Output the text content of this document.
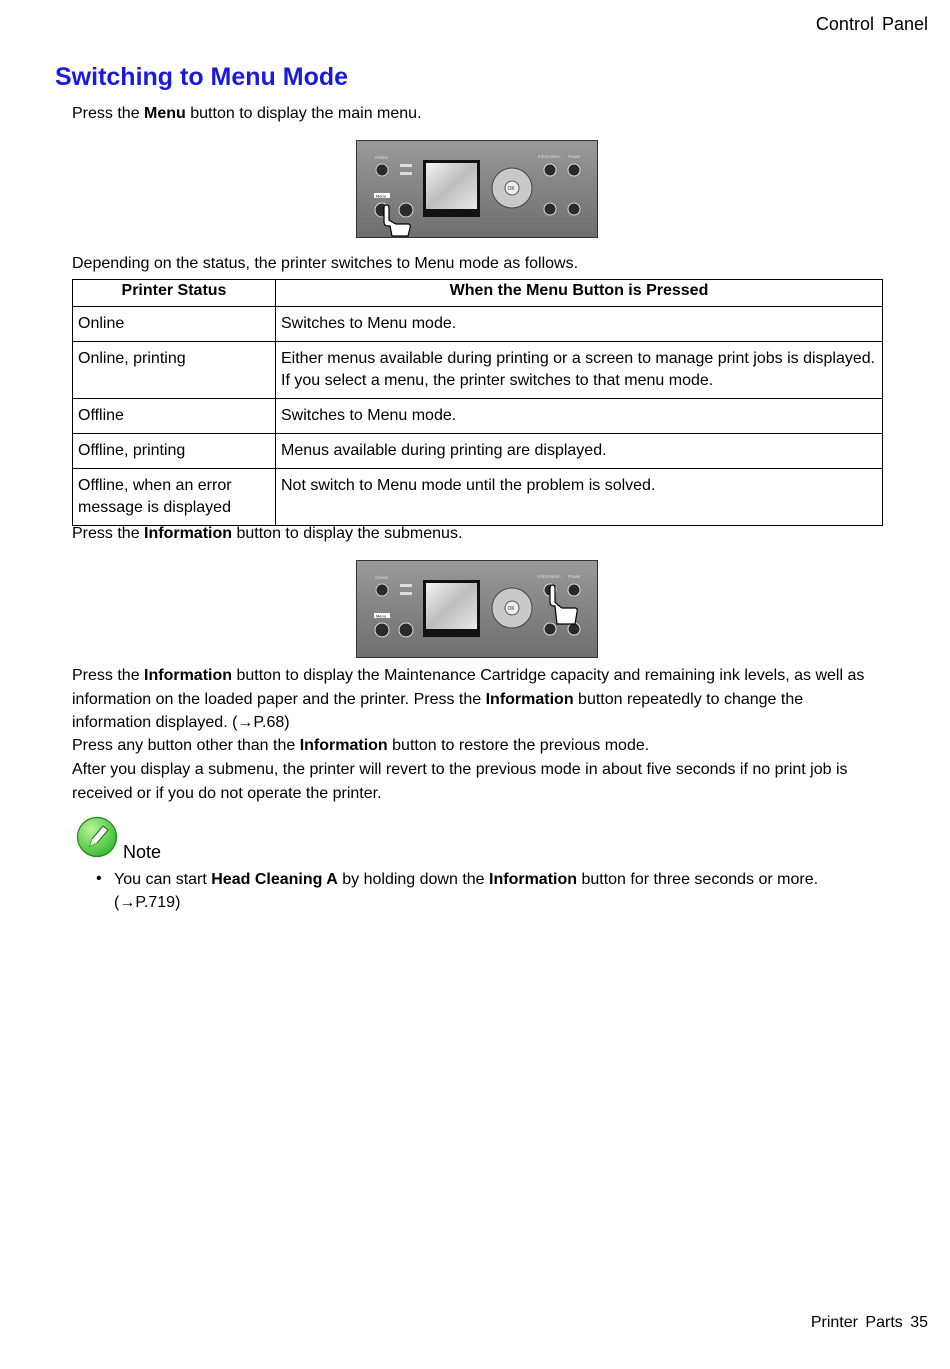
Control Panel
Switching to Menu Mode

Press the Menu button to display the main menu.

Online
Menu
OK
Information Power

Depending on the status, the printer switches to Menu mode as follows.

Printer Status	When the Menu Button is Pressed
Online	Switches to Menu mode.
Online, printing	Either menus available during printing or a screen to manage print jobs is displayed. If you select a menu, the printer switches to that menu mode.
Offline	Switches to Menu mode.
Offline, printing	Menus available during printing are displayed.
Offline, when an error message is displayed	Not switch to Menu mode until the problem is solved.

Press the Information button to display the submenus.

Online
Menu
OK
Information Power

Press the Information button to display the Maintenance Cartridge capacity and remaining ink levels, as well as information on the loaded paper and the printer. Press the Information button repeatedly to change the information displayed. (→P.68)

Press any button other than the Information button to restore the previous mode.

After you display a submenu, the printer will revert to the previous mode in about five seconds if no print job is received or if you do not operate the printer.

Note

• You can start Head Cleaning A by holding down the Information button for three seconds or more. (→P.719)

Printer Parts 35
